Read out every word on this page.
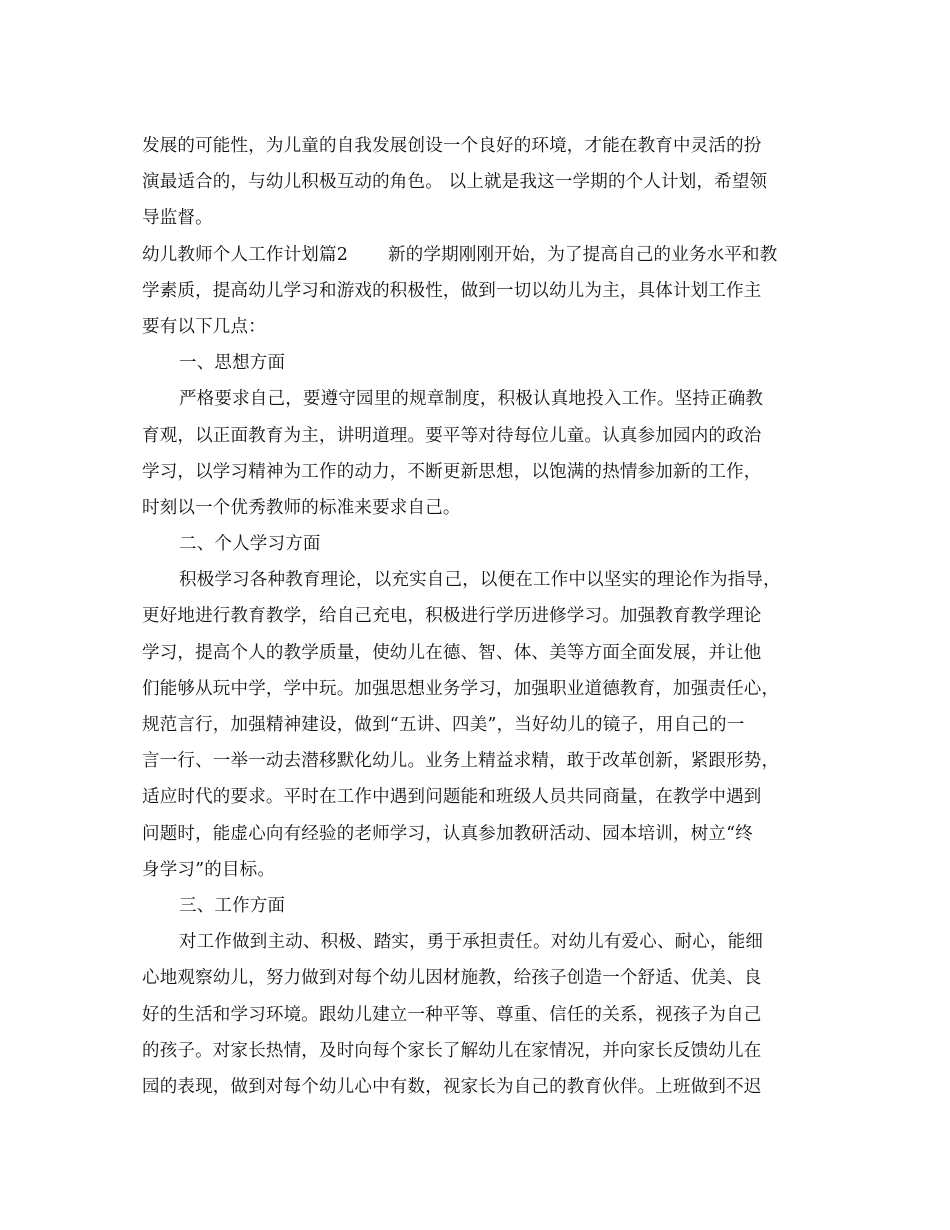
发展的可能性，为儿童的自我发展创设一个良好的环境，才能在教育中灵活的扮
演最适合的，与幼儿积极互动的角色。 以上就是我这一学期的个人计划，希望领
导监督。
幼儿教师个人工作计划篇2 新的学期刚刚开始，为了提高自己的业务水平和教
学素质，提高幼儿学习和游戏的积极性，做到一切以幼儿为主，具体计划工作主
要有以下几点：
一、思想方面
严格要求自己，要遵守园里的规章制度，积极认真地投入工作。坚持正确教
育观，以正面教育为主，讲明道理。要平等对待每位儿童。认真参加园内的政治
学习，以学习精神为工作的动力，不断更新思想，以饱满的热情参加新的工作，
时刻以一个优秀教师的标准来要求自己。
二、个人学习方面
积极学习各种教育理论，以充实自己，以便在工作中以坚实的理论作为指导，
更好地进行教育教学，给自己充电，积极进行学历进修学习。加强教育教学理论
学习，提高个人的教学质量，使幼儿在德、智、体、美等方面全面发展，并让他
们能够从玩中学，学中玩。加强思想业务学习，加强职业道德教育，加强责任心，
规范言行，加强精神建设，做到“五讲、四美”，当好幼儿的镜子，用自己的一
言一行、一举一动去潜移默化幼儿。业务上精益求精，敢于改革创新，紧跟形势，
适应时代的要求。平时在工作中遇到问题能和班级人员共同商量，在教学中遇到
问题时，能虚心向有经验的老师学习，认真参加教研活动、园本培训，树立“终
身学习”的目标。
三、工作方面
对工作做到主动、积极、踏实，勇于承担责任。对幼儿有爱心、耐心，能细
心地观察幼儿，努力做到对每个幼儿因材施教，给孩子创造一个舒适、优美、良
好的生活和学习环境。跟幼儿建立一种平等、尊重、信任的关系，视孩子为自己
的孩子。对家长热情，及时向每个家长了解幼儿在家情况，并向家长反馈幼儿在
园的表现，做到对每个幼儿心中有数，视家长为自己的教育伙伴。上班做到不迟
